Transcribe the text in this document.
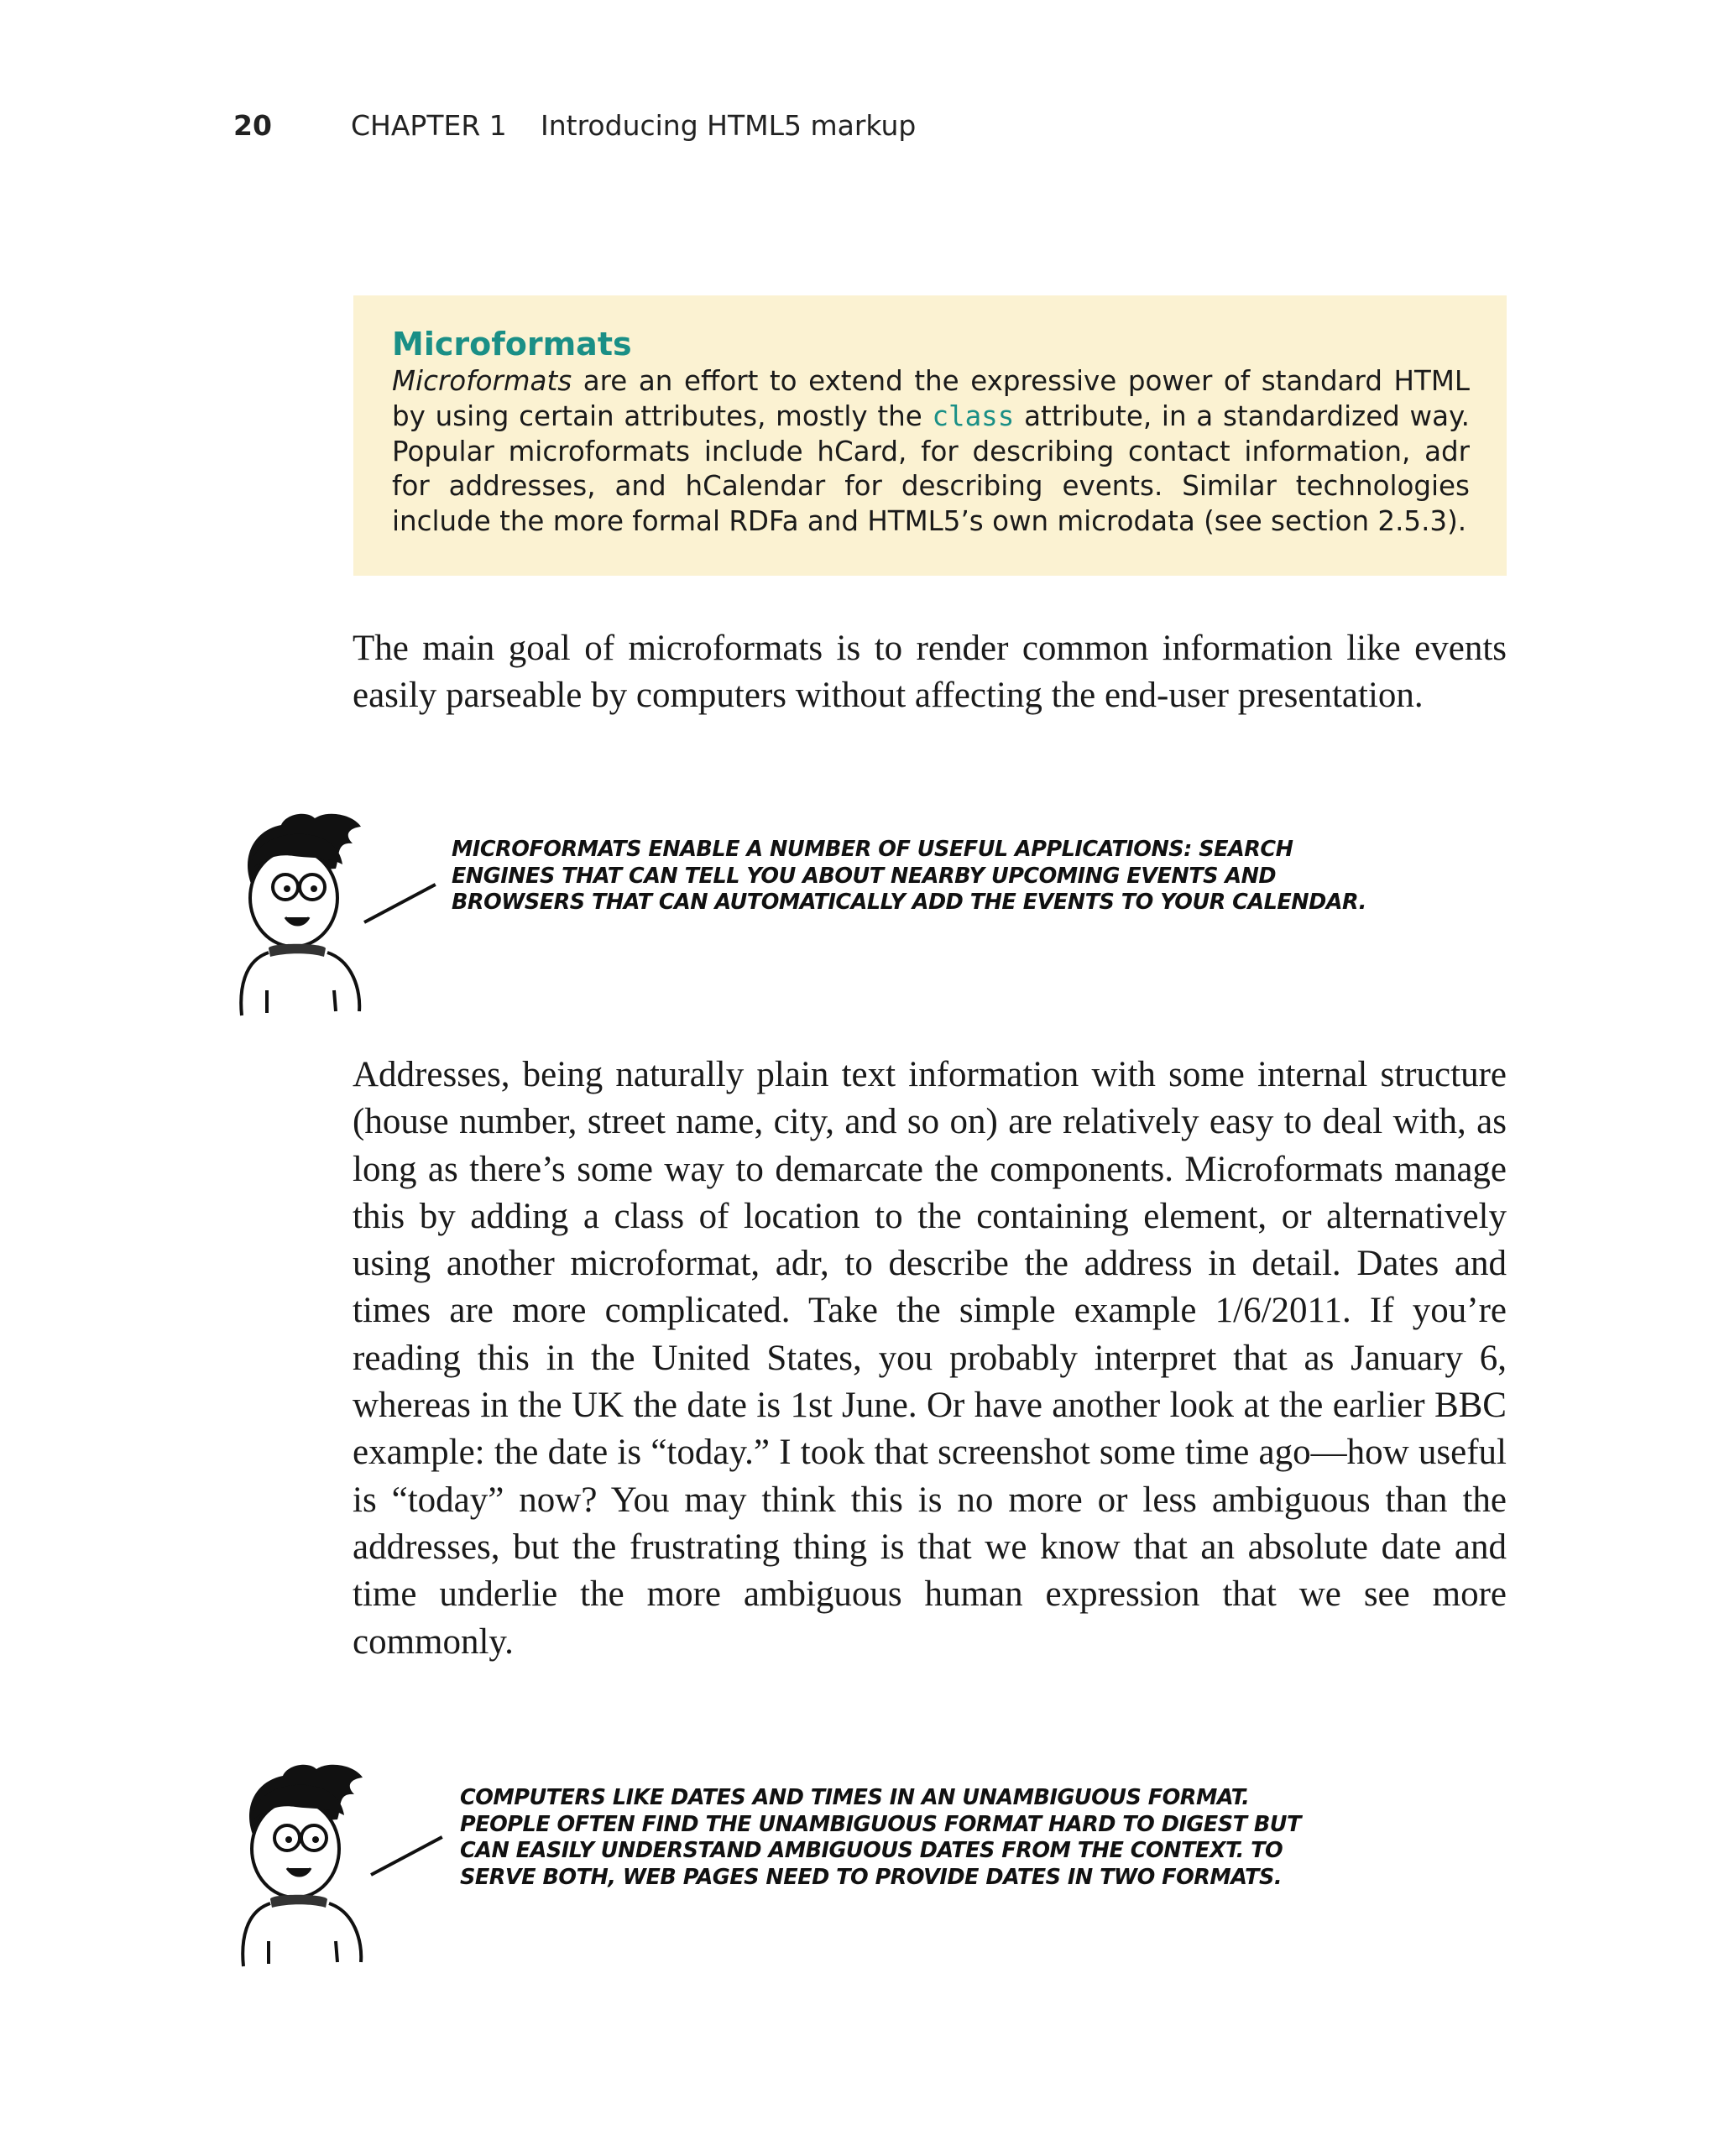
20	CHAPTER 1	Introducing HTML5 markup

Microformats

Microformats are an effort to extend the expressive power of standard HTML by using certain attributes, mostly the class attribute, in a standardized way. Popular microformats include hCard, for describing contact information, adr for addresses, and hCalendar for describing events. Similar technologies include the more formal RDFa and HTML5’s own microdata (see section 2.5.3).

The main goal of microformats is to render common information like events easily parseable by computers without affecting the end-user presentation.

MICROFORMATS ENABLE A NUMBER OF USEFUL APPLICATIONS: SEARCH
ENGINES THAT CAN TELL YOU ABOUT NEARBY UPCOMING EVENTS AND
BROWSERS THAT CAN AUTOMATICALLY ADD THE EVENTS TO YOUR CALENDAR.

Addresses, being naturally plain text information with some internal structure (house number, street name, city, and so on) are relatively easy to deal with, as long as there’s some way to demarcate the components. Microformats manage this by adding a class of location to the containing element, or alternatively using another microformat, adr, to describe the address in detail. Dates and times are more complicated. Take the simple example 1/6/2011. If you’re reading this in the United States, you probably interpret that as January 6, whereas in the UK the date is 1st June. Or have another look at the earlier BBC example: the date is “today.” I took that screenshot some time ago—how useful is “today” now? You may think this is no more or less ambiguous than the addresses, but the frustrating thing is that we know that an absolute date and time underlie the more ambiguous human expression that we see more commonly.

COMPUTERS LIKE DATES AND TIMES IN AN UNAMBIGUOUS FORMAT.
PEOPLE OFTEN FIND THE UNAMBIGUOUS FORMAT HARD TO DIGEST BUT
CAN EASILY UNDERSTAND AMBIGUOUS DATES FROM THE CONTEXT. TO
SERVE BOTH, WEB PAGES NEED TO PROVIDE DATES IN TWO FORMATS.
